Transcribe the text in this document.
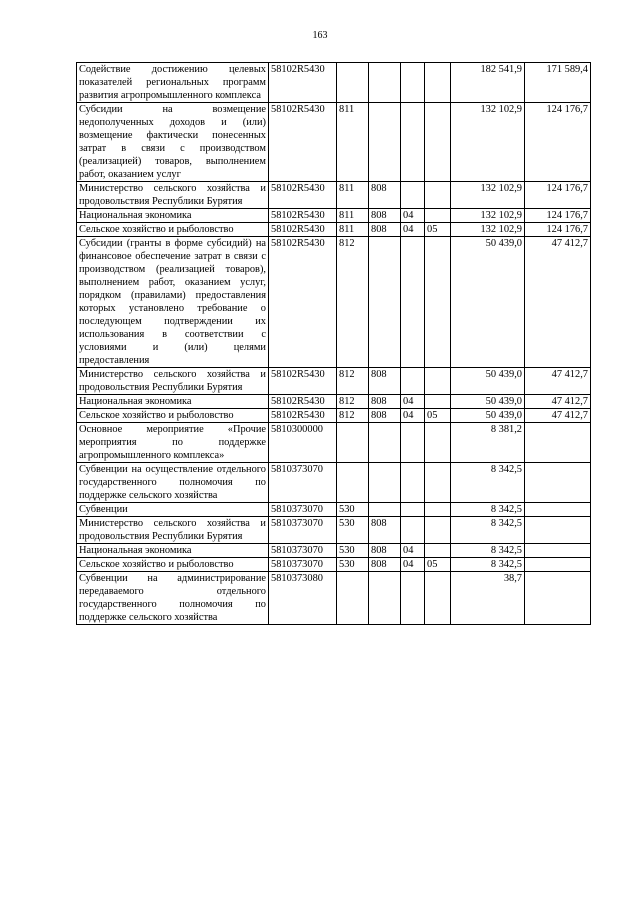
163
Содействие достижению целевых показателей региональных программ развития агропромышленного комплекса	58102R5430					182 541,9	171 589,4
Субсидии на возмещение недополученных доходов и (или) возмещение фактически понесенных затрат в связи с производством (реализацией) товаров, выполнением работ, оказанием услуг	58102R5430	811				132 102,9	124 176,7
Министерство сельского хозяйства и продовольствия Республики Бурятия	58102R5430	811	808			132 102,9	124 176,7
Национальная экономика	58102R5430	811	808	04		132 102,9	124 176,7
Сельское хозяйство и рыболовство	58102R5430	811	808	04	05	132 102,9	124 176,7
Субсидии (гранты в форме субсидий) на финансовое обеспечение затрат в связи с производством (реализацией товаров), выполнением работ, оказанием услуг, порядком (правилами) предоставления которых установлено требование о последующем подтверждении их использования в соответствии с условиями и (или) целями предоставления	58102R5430	812				50 439,0	47 412,7
Министерство сельского хозяйства и продовольствия Республики Бурятия	58102R5430	812	808			50 439,0	47 412,7
Национальная экономика	58102R5430	812	808	04		50 439,0	47 412,7
Сельское хозяйство и рыболовство	58102R5430	812	808	04	05	50 439,0	47 412,7
Основное мероприятие «Прочие мероприятия по поддержке агропромышленного комплекса»	5810300000					8 381,2	
Субвенции на осуществление отдельного государственного полномочия по поддержке сельского хозяйства	5810373070					8 342,5	
Субвенции	5810373070	530				8 342,5	
Министерство сельского хозяйства и продовольствия Республики Бурятия	5810373070	530	808			8 342,5	
Национальная экономика	5810373070	530	808	04		8 342,5	
Сельское хозяйство и рыболовство	5810373070	530	808	04	05	8 342,5	
Субвенции на администрирование передаваемого отдельного государственного полномочия по поддержке сельского хозяйства	5810373080					38,7	
